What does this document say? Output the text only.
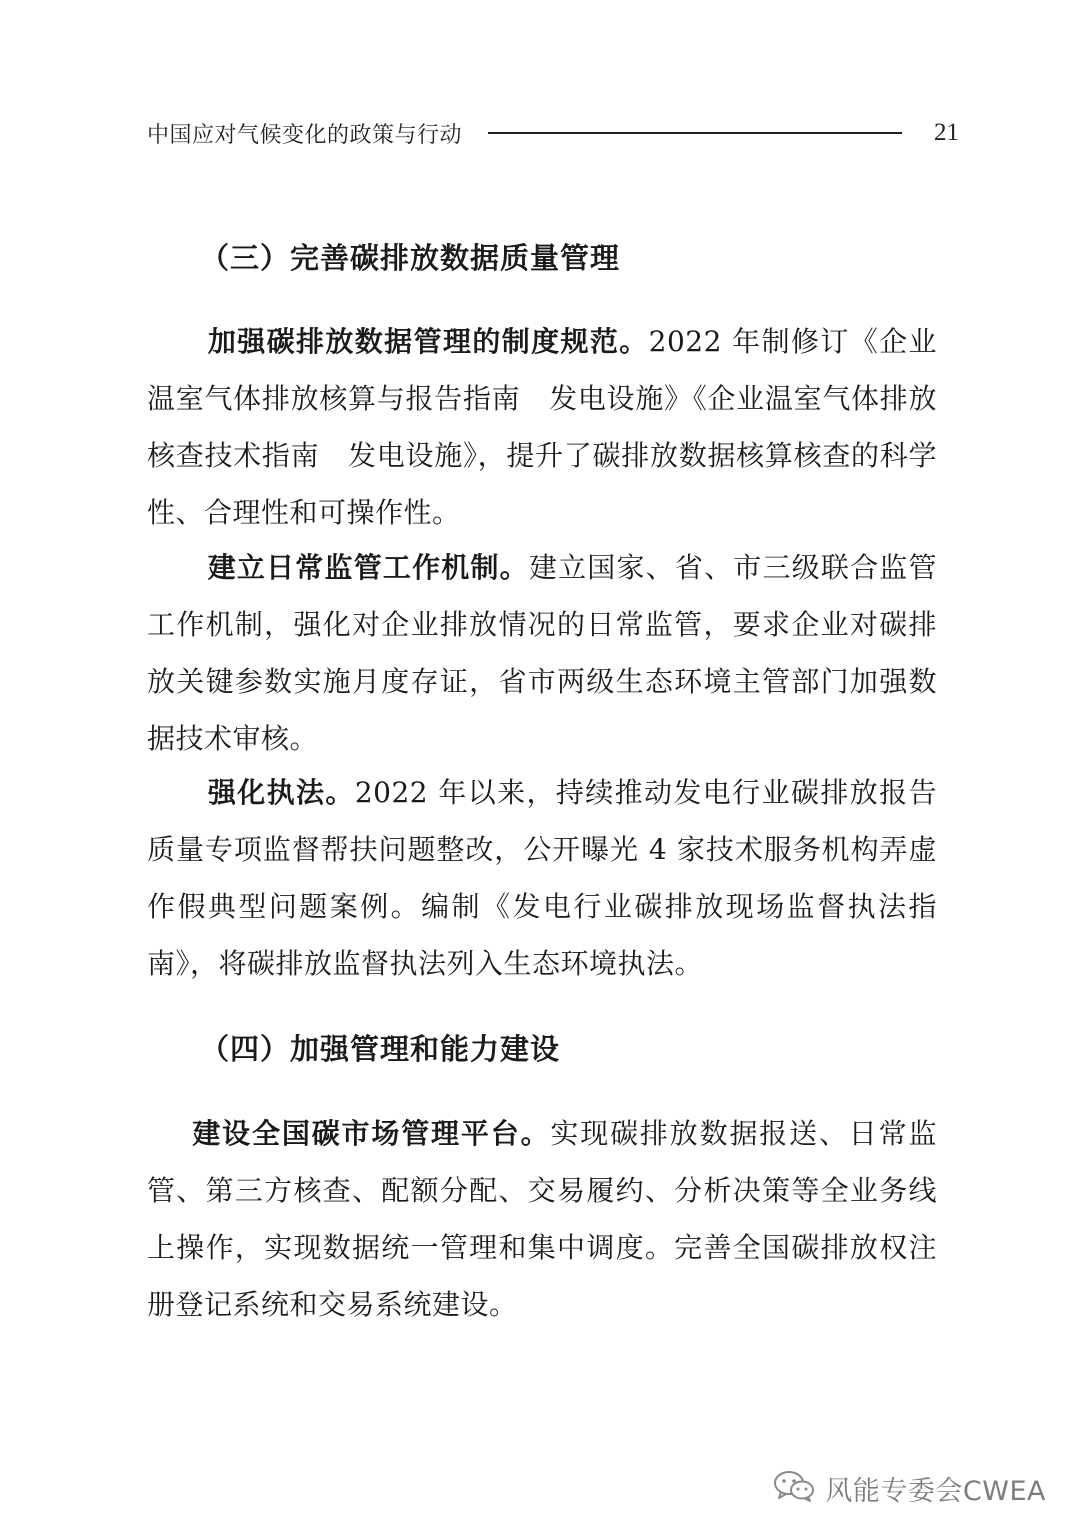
中国应对气候变化的政策与行动	21
（三）完善碳排放数据质量管理

加强碳排放数据管理的制度规范。2022 年制修订《企业温室气体排放核算与报告指南　发电设施》《企业温室气体排放核查技术指南　发电设施》，提升了碳排放数据核算核查的科学性、合理性和可操作性。

建立日常监管工作机制。建立国家、省、市三级联合监管工作机制，强化对企业排放情况的日常监管，要求企业对碳排放关键参数实施月度存证，省市两级生态环境主管部门加强数据技术审核。

强化执法。2022 年以来，持续推动发电行业碳排放报告质量专项监督帮扶问题整改，公开曝光 4 家技术服务机构弄虚作假典型问题案例。编制《发电行业碳排放现场监督执法指南》，将碳排放监督执法列入生态环境执法。

（四）加强管理和能力建设

建设全国碳市场管理平台。实现碳排放数据报送、日常监管、第三方核查、配额分配、交易履约、分析决策等全业务线上操作，实现数据统一管理和集中调度。完善全国碳排放权注册登记系统和交易系统建设。

风能专委会CWEA
